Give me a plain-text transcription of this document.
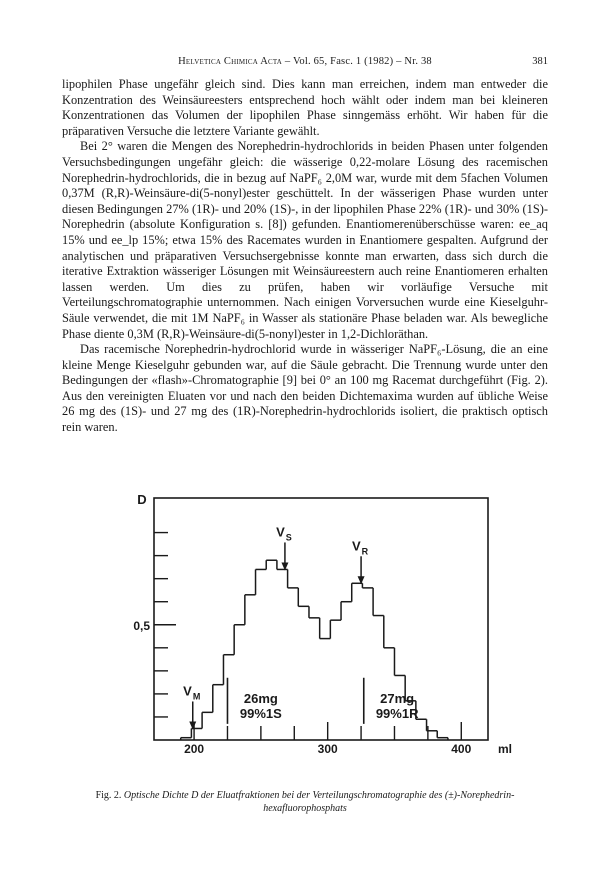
Helvetica Chimica Acta – Vol. 65, Fasc. 1 (1982) – Nr. 38	381

lipophilen Phase ungefähr gleich sind. Dies kann man erreichen, indem man entweder die Konzentration des Weinsäureesters entsprechend hoch wählt oder indem man bei kleineren Konzentrationen das Volumen der lipophilen Phase sinngemäss erhöht. Wir haben für die präparativen Versuche die letztere Variante gewählt.

Bei 2° waren die Mengen des Norephedrin-hydrochlorids in beiden Phasen unter folgenden Versuchsbedingungen ungefähr gleich: die wässerige 0,22-molare Lösung des racemischen Norephedrin-hydrochlorids, die in bezug auf NaPF₆ 2,0M war, wurde mit dem 5fachen Volumen 0,37M (R,R)-Weinsäure-di(5-nonyl)ester geschüttelt. In der wässerigen Phase wurden unter diesen Bedingungen 27% (1R)- und 20% (1S)-, in der lipophilen Phase 22% (1R)- und 30% (1S)-Norephedrin (absolute Konfiguration s. [8]) gefunden. Enantiomerenüberschüsse waren: ee_aq 15% und ee_lp 15%; etwa 15% des Racemates wurden in Enantiomere gespalten. Aufgrund der analytischen und präparativen Versuchsergebnisse konnte man erwarten, dass sich durch die iterative Extraktion wässeriger Lösungen mit Weinsäureestern auch reine Enantiomeren erhalten lassen werden. Um dies zu prüfen, haben wir vorläufige Versuche mit Verteilungschromatographie unternommen. Nach einigen Vorversuchen wurde eine Kieselguhr-Säule verwendet, die mit 1M NaPF₆ in Wasser als stationäre Phase beladen war. Als bewegliche Phase diente 0,3M (R,R)-Weinsäure-di(5-nonyl)ester in 1,2-Dichloräthan.

Das racemische Norephedrin-hydrochlorid wurde in wässeriger NaPF₆-Lösung, die an eine kleine Menge Kieselguhr gebunden war, auf die Säule gebracht. Die Trennung wurde unter den Bedingungen der «flash»-Chromatographie [9] bei 0° an 100 mg Racemat durchgeführt (Fig. 2). Aus den vereinigten Eluaten vor und nach den beiden Dichtemaxima wurden auf übliche Weise 26 mg des (1S)- und 27 mg des (1R)-Norephedrin-hydrochlorids isoliert, die praktisch optisch rein waren.

D
0,5
200	300	400 ml
$V_M$
$V_S$
$V_R$
26mg
99%1S
27mg
99%1R
Fig. 2. Optische Dichte D der Eluatfraktionen bei der Verteilungschromatographie des (±)-Norephedrin-hexafluorophosphats
